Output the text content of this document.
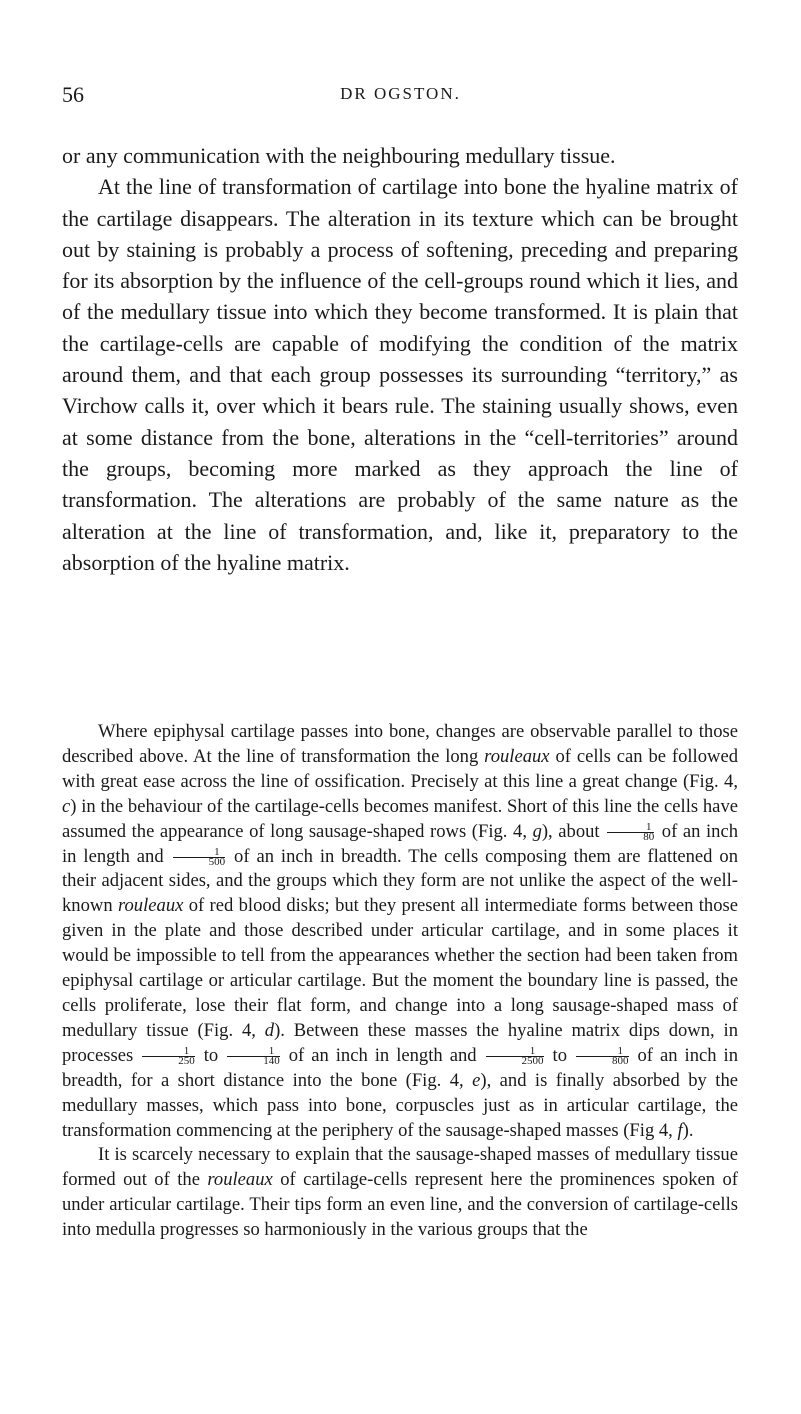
56	DR OGSTON.

or any communication with the neighbouring medullary tissue.

At the line of transformation of cartilage into bone the hyaline matrix of the cartilage disappears. The alteration in its texture which can be brought out by staining is probably a process of softening, preceding and preparing for its absorption by the influence of the cell-groups round which it lies, and of the medullary tissue into which they become transformed. It is plain that the cartilage-cells are capable of modifying the condition of the matrix around them, and that each group possesses its surrounding “territory,” as Virchow calls it, over which it bears rule. The staining usually shows, even at some distance from the bone, alterations in the “cell-territories” around the groups, becoming more marked as they approach the line of transformation. The alterations are probably of the same nature as the alteration at the line of transformation, and, like it, preparatory to the absorption of the hyaline matrix.

Where epiphysal cartilage passes into bone, changes are observable parallel to those described above. At the line of transformation the long rouleaux of cells can be followed with great ease across the line of ossification. Precisely at this line a great change (Fig. 4, c) in the behaviour of the cartilage-cells becomes manifest. Short of this line the cells have assumed the appearance of long sausage-shaped rows (Fig. 4, g), about $\frac{1}{80}$ of an inch in length and $\frac{1}{500}$ of an inch in breadth. The cells composing them are flattened on their adjacent sides, and the groups which they form are not unlike the aspect of the well-known rouleaux of red blood disks; but they present all intermediate forms between those given in the plate and those described under articular cartilage, and in some places it would be impossible to tell from the appearances whether the section had been taken from epiphysal cartilage or articular cartilage. But the moment the boundary line is passed, the cells proliferate, lose their flat form, and change into a long sausage-shaped mass of medullary tissue (Fig. 4, d). Between these masses the hyaline matrix dips down, in processes $\frac{1}{250}$ to $\frac{1}{140}$ of an inch in length and $\frac{1}{2500}$ to $\frac{1}{800}$ of an inch in breadth, for a short distance into the bone (Fig. 4, e), and is finally absorbed by the medullary masses, which pass into bone, corpuscles just as in articular cartilage, the transformation commencing at the periphery of the sausage-shaped masses (Fig 4, f).

It is scarcely necessary to explain that the sausage-shaped masses of medullary tissue formed out of the rouleaux of cartilage-cells represent here the prominences spoken of under articular cartilage. Their tips form an even line, and the conversion of cartilage-cells into medulla progresses so harmoniously in the various groups that the
